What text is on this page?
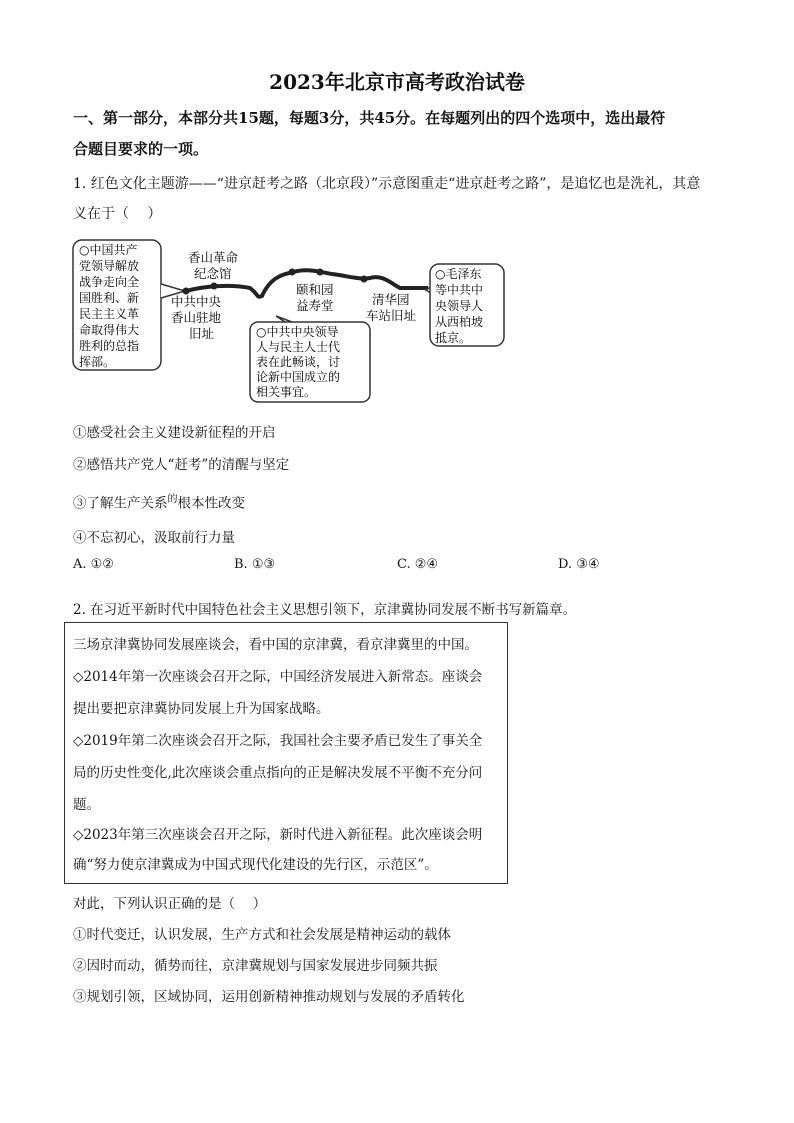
2023年北京市高考政治试卷
一、第一部分，本部分共15题，每题3分，共45分。在每题列出的四个选项中，选出最符
合题目要求的一项。
1. 红色文化主题游——“进京赶考之路（北京段）”示意图重走“进京赶考之路”，是追忆也是洗礼，其意
义在于（　 ）
○中国共产 党领导解放 战争走向全 国胜利、新 民主主义革 命取得伟大 胜利的总指 挥部。
香山革命 纪念馆
中共中央 香山驻地 旧址
颐和园 益寿堂	清华园 车站旧址
○中共中央领导 人与民主人士代 表在此畅谈，讨 论新中国成立的 相关事宜。
○毛泽东 等中共中 央领导人 从西柏坡 抵京。
①感受社会主义建设新征程的开启
②感悟共产党人“赶考”的清醒与坚定
③了解生产关系$^的$根本性改变
④不忘初心，汲取前行力量
A. ①②	B. ①③	C. ②④	D. ③④
2. 在习近平新时代中国特色社会主义思想引领下，京津冀协同发展不断书写新篇章。
三场京津冀协同发展座谈会，看中国的京津冀，看京津冀里的中国。
◇2014年第一次座谈会召开之际，中国经济发展进入新常态。座谈会
提出要把京津冀协同发展上升为国家战略。
◇2019年第二次座谈会召开之际，我国社会主要矛盾已发生了事关全
局的历史性变化,此次座谈会重点指向的正是解决发展不平衡不充分问
题。
◇2023年第三次座谈会召开之际，新时代进入新征程。此次座谈会明
确“努力使京津冀成为中国式现代化建设的先行区，示范区”。
对此，下列认识正确的是（　 ）
①时代变迁，认识发展，生产方式和社会发展是精神运动的载体
②因时而动，循势而往，京津冀规划与国家发展进步同频共振
③规划引领，区域协同，运用创新精神推动规划与发展的矛盾转化
